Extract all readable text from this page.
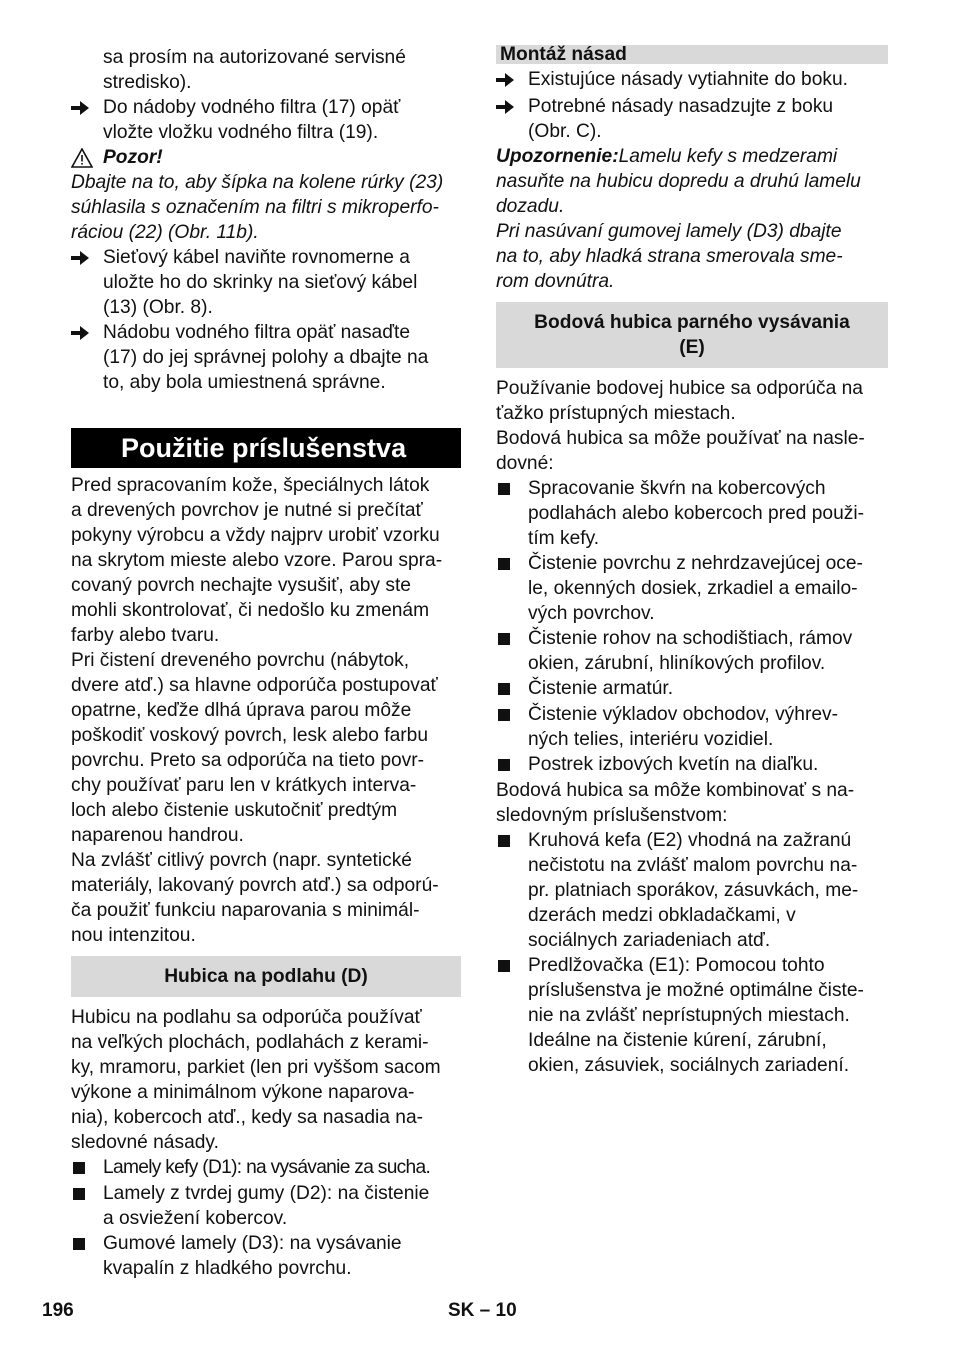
sa prosím na autorizované servisné
stredisko).

Do nádoby vodného filtra (17) opäť
vložte vložku vodného filtra (19).
Pozor!

Dbajte na to, aby šípka na kolene rúrky (23)
súhlasila s označením na filtri s mikroperfo-
ráciou (22) (Obr. 11b).

Sieťový kábel naviňte rovnomerne a
uložte ho do skrinky na sieťový kábel
(13) (Obr. 8).
Nádobu vodného filtra opäť nasaďte
(17) do jej správnej polohy a dbajte na
to, aby bola umiestnená správne.
Použitie príslušenstva

Pred spracovaním kože, špeciálnych látok
a drevených povrchov je nutné si prečítať
pokyny výrobcu a vždy najprv urobiť vzorku
na skrytom mieste alebo vzore. Parou spra-
covaný povrch nechajte vysušiť, aby ste
mohli skontrolovať, či nedošlo ku zmenám
farby alebo tvaru.

Pri čistení dreveného povrchu (nábytok,
dvere atď.) sa hlavne odporúča postupovať
opatrne, keďže dlhá úprava parou môže
poškodiť voskový povrch, lesk alebo farbu
povrchu. Preto sa odporúča na tieto povr-
chy používať paru len v krátkych interva-
loch alebo čistenie uskutočniť predtým
naparenou handrou.

Na zvlášť citlivý povrch (napr. syntetické
materiály, lakovaný povrch atď.) sa odporú-
ča použiť funkciu naparovania s minimál-
nou intenzitou.

Hubica na podlahu (D)

Hubicu na podlahu sa odporúča používať
na veľkých plochách, podlahách z kerami-
ky, mramoru, parkiet (len pri vyššom sacom
výkone a minimálnom výkone naparova-
nia), kobercoch atď., kedy sa nasadia na-
sledovné násady.

Lamely kefy (D1): na vysávanie za sucha.
Lamely z tvrdej gumy (D2): na čistenie
a osviežení kobercov.
Gumové lamely (D3): na vysávanie
kvapalín z hladkého povrchu.
Montáž násad
Existujúce násady vytiahnite do boku.
Potrebné násady nasadzujte z boku
(Obr. C).

Upozornenie:Lamelu kefy s medzerami
nasuňte na hubicu dopredu a druhú lamelu
dozadu.

Pri nasúvaní gumovej lamely (D3) dbajte
na to, aby hladká strana smerovala sme-
rom dovnútra.

Bodová hubica parného vysávania
(E)

Používanie bodovej hubice sa odporúča na
ťažko prístupných miestach.

Bodová hubica sa môže používať na nasle-
dovné:

Spracovanie škvŕn na kobercových
podlahách alebo kobercoch pred použi-
tím kefy.
Čistenie povrchu z nehrdzavejúcej oce-
le, okenných dosiek, zrkadiel a emailo-
vých povrchov.
Čistenie rohov na schodištiach, rámov
okien, zárubní, hliníkových profilov.
Čistenie armatúr.
Čistenie výkladov obchodov, výhrev-
ných telies, interiéru vozidiel.
Postrek izbových kvetín na diaľku.

Bodová hubica sa môže kombinovať s na-
sledovným príslušenstvom:

Kruhová kefa (E2) vhodná na zažranú
nečistotu na zvlášť malom povrchu na-
pr. platniach sporákov, zásuvkách, me-
dzerách medzi obkladačkami, v
sociálnych zariadeniach atď.
Predlžovačka (E1): Pomocou tohto
príslušenstva je možné optimálne čiste-
nie na zvlášť neprístupných miestach.
Ideálne na čistenie kúrení, zárubní,
okien, zásuviek, sociálnych zariadení.
196	SK – 10
